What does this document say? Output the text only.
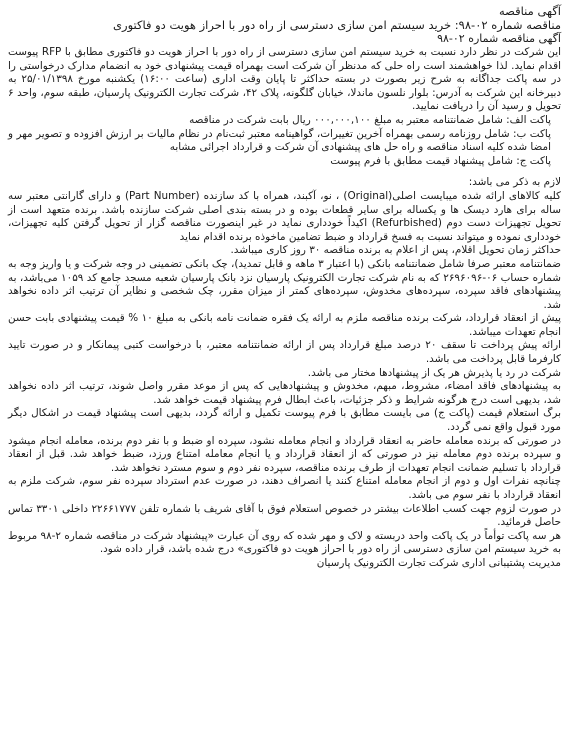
آگهی مناقصه

مناقصه شماره ۰۲-۹۸: خرید سیستم امن سازی دسترسی از راه دور با احراز هویت دو فاکتوری

آگهی مناقصه شماره ۰۲-۹۸

این شرکت در نظر دارد نسبت به خرید سیستم امن سازی دسترسی از راه دور با احراز هویت دو فاکتوری مطابق با RFP پیوست اقدام نماید. لذا خواهشمند است راه حلی که مدنظر آن شرکت است بهمراه قیمت پیشنهادی خود به انضمام مدارک درخواستی را در سه پاکت جداگانه به شرح زیر بصورت در بسته حداکثر تا پایان وقت اداری (ساعت ۱۶:۰۰) یکشنبه مورخ ۲۵/۰۱/۱۳۹۸ به دبیرخانه این شرکت به آدرس: بلوار نلسون ماندلا، خیابان گلگونه، پلاک ۴۲، شرکت تجارت الکترونیک پارسیان، طبقه سوم، واحد ۶ تحویل و رسید آن را دریافت نمایید.

پاکت الف: شامل ضمانتنامه معتبر به مبلغ ۰۰۰,۰۰۰,۱۰۰ ریال بابت شرکت در مناقصه

پاکت ب: شامل روزنامه رسمی بهمراه آخرین تغییرات، گواهینامه معتبر ثبت‌نام در نظام مالیات بر ارزش افزوده و تصویر مهر و امضا شده کلیه اسناد مناقصه و راه حل های پیشنهادی آن شرکت و قرارداد اجرائی مشابه

پاکت ج: شامل پیشنهاد قیمت مطابق با فرم پیوست

لازم به ذکر می باشد:

کلیه کالاهای ارائه شده میبایست اصلی(Original) ، نو، آکبند، همراه با کد سازنده (Part Number) و دارای گارانتی معتبر سه ساله برای هارد دیسک ها و یکساله برای سایر قطعات بوده و در بسته بندی اصلی شرکت سازنده باشد. برنده متعهد است از تحویل تجهیزات دست دوم (Refurbished) اکیداً خودداری نماید در غیر اینصورت مناقصه گزار از تحویل گرفتن کلیه تجهیزات، خودداری نموده و میتواند نسبت به فسخ قرارداد و ضبط تضامین ماخوذه برنده اقدام نماید

حداکثر زمان تحویل اقلام، پس از اعلام به برنده مناقصه ۳۰ روز کاری میباشد.

ضمانتنامه معتبر صرفا شامل ضمانتنامه بانکی (با اعتبار ۳ ماهه و قابل تمدید)، چک بانکی تضمینی در وجه شرکت و یا واریز وجه به شماره حساب ۰۶-۲۶۹۶۰۹۶ که به نام شرکت تجارت الکترونیک پارسیان نزد بانک پارسیان شعبه مسجد جامع کد ۱۰۵۹ می‌باشد، به پیشنهادهای فاقد سپرده، سپرده‌های مخدوش، سپرده‌های کمتر از میزان مقرر، چک شخصی و نظایر آن ترتیب اثر داده نخواهد شد.

پیش از انعقاد قرارداد، شرکت برنده مناقصه ملزم به ارائه یک فقره ضمانت نامه بانکی به مبلغ ۱۰ % قیمت پیشنهادی بابت حسن انجام تعهدات میباشد.

ارائه پیش پرداخت تا سقف ۲۰ درصد مبلغ قرارداد پس از ارائه ضمانتنامه معتبر، با درخواست کتبی پیمانکار و در صورت تایید کارفرما قابل پرداخت می باشد.

شرکت در رد یا پذیرش هر یک از پیشنهادها مختار می باشد.

به پیشنهادهای فاقد امضاء، مشروط، مبهم، مخدوش و پیشنهادهایی که پس از موعد مقرر واصل شوند، ترتیب اثر داده نخواهد شد، بدیهی است درج هرگونه شرایط و ذکر جزئیات، باعث ابطال فرم پیشنهاد قیمت خواهد شد.

برگ استعلام قیمت (پاکت ج) می بایست مطابق با فرم پیوست تکمیل و ارائه گردد، بدیهی است پیشنهاد قیمت در اشکال دیگر مورد قبول واقع نمی گردد.

در صورتی که برنده معامله حاضر به انعقاد قرارداد و انجام معامله نشود، سپرده او ضبط و با نفر دوم برنده، معامله انجام میشود و سپرده برنده دوم معامله نیز در صورتی که از انعقاد قرارداد و یا انجام معامله امتناع ورزد، ضبط خواهد شد. قبل از انعقاد قرارداد با تسلیم ضمانت انجام تعهدات از طرف برنده مناقصه، سپرده نفر دوم و سوم مسترد نخواهد شد.

چنانچه نفرات اول و دوم از انجام معامله امتناع کنند یا انصراف دهند، در صورت عدم استرداد سپرده نفر سوم، شرکت ملزم به انعقاد قرارداد با نفر سوم می باشد.

در صورت لزوم جهت کسب اطلاعات بیشتر در خصوص استعلام فوق با آقای شریف با شماره تلفن ۲۲۶۶۱۷۷۷ داخلی ۳۳۰۱ تماس حاصل فرمائید.

هر سه پاکت توأماً در یک پاکت واحد دربسته و لاک و مهر شده که روی آن عبارت «پیشنهاد شرکت در مناقصه شماره ۲-۹۸ مربوط به خرید سیستم امن سازی دسترسی از راه دور با احراز هویت دو فاکتوری» درج شده باشد، قرار داده شود.

مدیریت پشتیبانی اداری شرکت تجارت الکترونیک پارسیان
